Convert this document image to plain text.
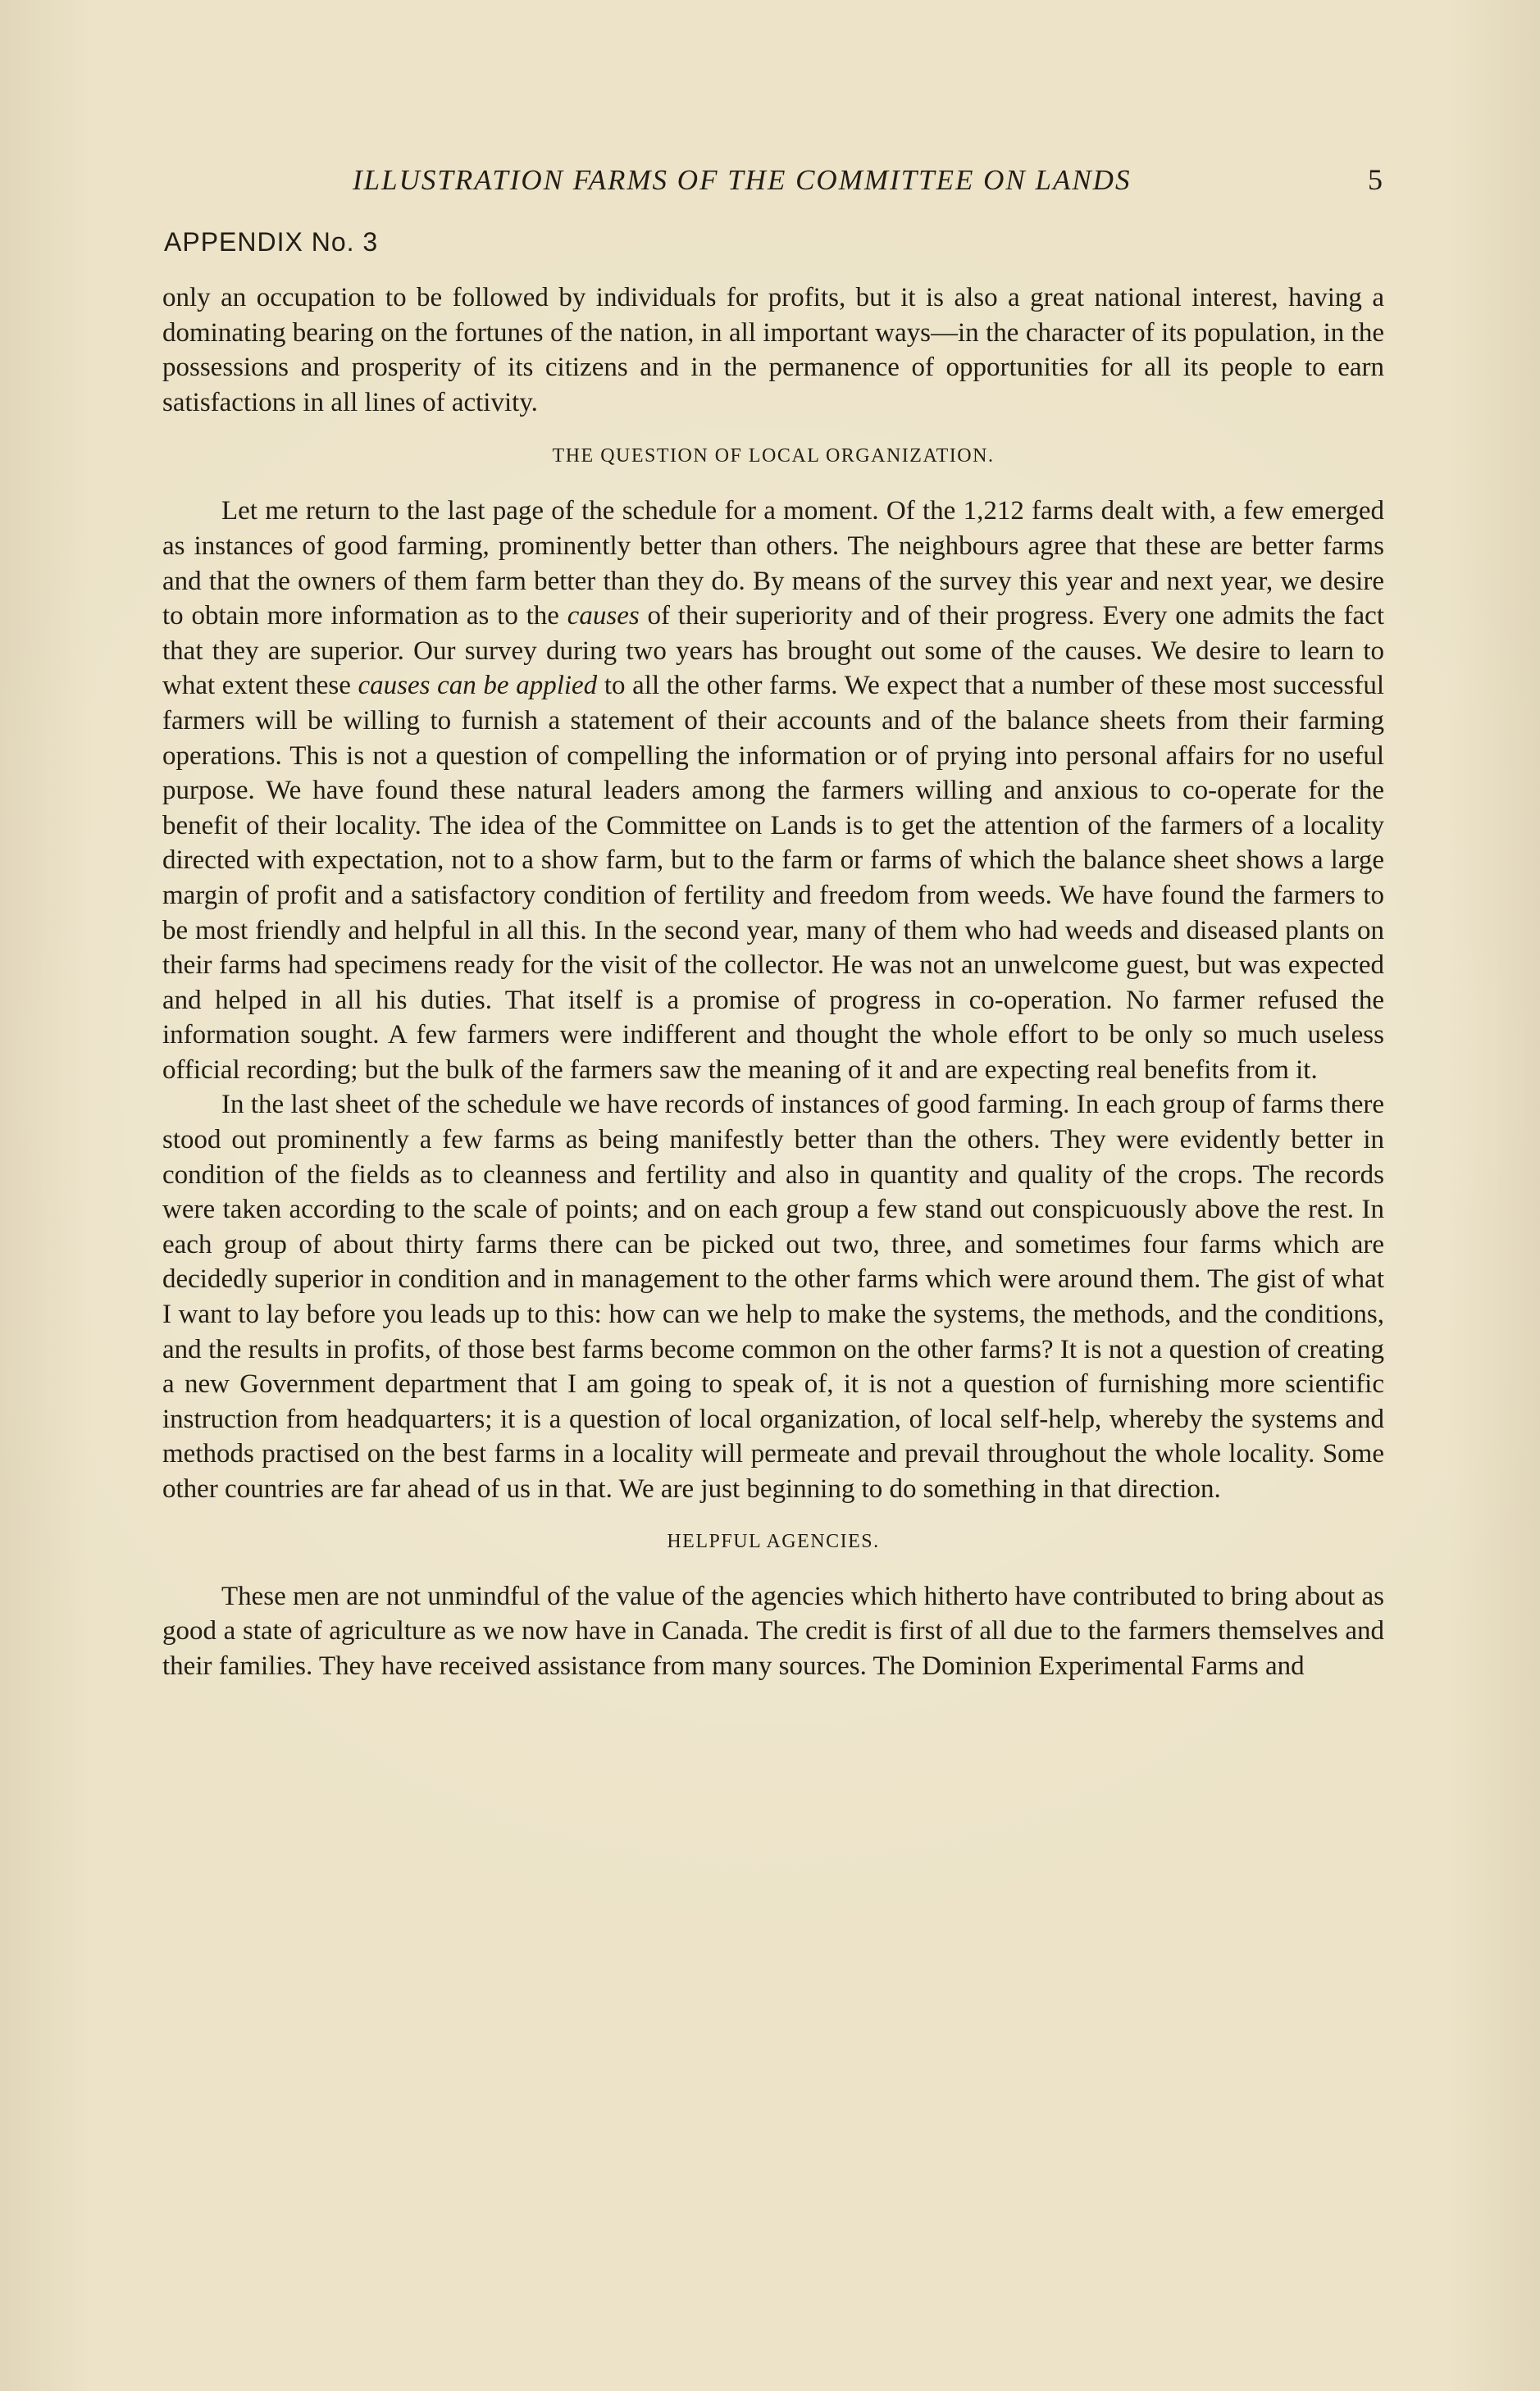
ILLUSTRATION FARMS OF THE COMMITTEE ON LANDS	5
APPENDIX No. 3

only an occupation to be followed by individuals for profits, but it is also a great national interest, having a dominating bearing on the fortunes of the nation, in all important ways—in the character of its population, in the possessions and prosperity of its citizens and in the permanence of opportunities for all its people to earn satisfactions in all lines of activity.

THE QUESTION OF LOCAL ORGANIZATION.

Let me return to the last page of the schedule for a moment. Of the 1,212 farms dealt with, a few emerged as instances of good farming, prominently better than others. The neighbours agree that these are better farms and that the owners of them farm better than they do. By means of the survey this year and next year, we desire to obtain more information as to the causes of their superiority and of their progress. Every one admits the fact that they are superior. Our survey during two years has brought out some of the causes. We desire to learn to what extent these causes can be applied to all the other farms. We expect that a number of these most successful farmers will be willing to furnish a statement of their accounts and of the balance sheets from their farming operations. This is not a question of compelling the information or of prying into personal affairs for no useful purpose. We have found these natural leaders among the farmers willing and anxious to co-operate for the benefit of their locality. The idea of the Committee on Lands is to get the attention of the farmers of a locality directed with expectation, not to a show farm, but to the farm or farms of which the balance sheet shows a large margin of profit and a satisfactory condition of fertility and freedom from weeds. We have found the farmers to be most friendly and helpful in all this. In the second year, many of them who had weeds and diseased plants on their farms had specimens ready for the visit of the collector. He was not an unwelcome guest, but was expected and helped in all his duties. That itself is a promise of progress in co-operation. No farmer refused the information sought. A few farmers were indifferent and thought the whole effort to be only so much useless official recording; but the bulk of the farmers saw the meaning of it and are expecting real benefits from it.

In the last sheet of the schedule we have records of instances of good farming. In each group of farms there stood out prominently a few farms as being manifestly better than the others. They were evidently better in condition of the fields as to cleanness and fertility and also in quantity and quality of the crops. The records were taken according to the scale of points; and on each group a few stand out conspicuously above the rest. In each group of about thirty farms there can be picked out two, three, and sometimes four farms which are decidedly superior in condition and in management to the other farms which were around them. The gist of what I want to lay before you leads up to this: how can we help to make the systems, the methods, and the conditions, and the results in profits, of those best farms become common on the other farms? It is not a question of creating a new Government department that I am going to speak of, it is not a question of furnishing more scientific instruction from headquarters; it is a question of local organization, of local self-help, whereby the systems and methods practised on the best farms in a locality will permeate and prevail throughout the whole locality. Some other countries are far ahead of us in that. We are just beginning to do something in that direction.

HELPFUL AGENCIES.

These men are not unmindful of the value of the agencies which hitherto have contributed to bring about as good a state of agriculture as we now have in Canada. The credit is first of all due to the farmers themselves and their families. They have received assistance from many sources. The Dominion Experimental Farms and
